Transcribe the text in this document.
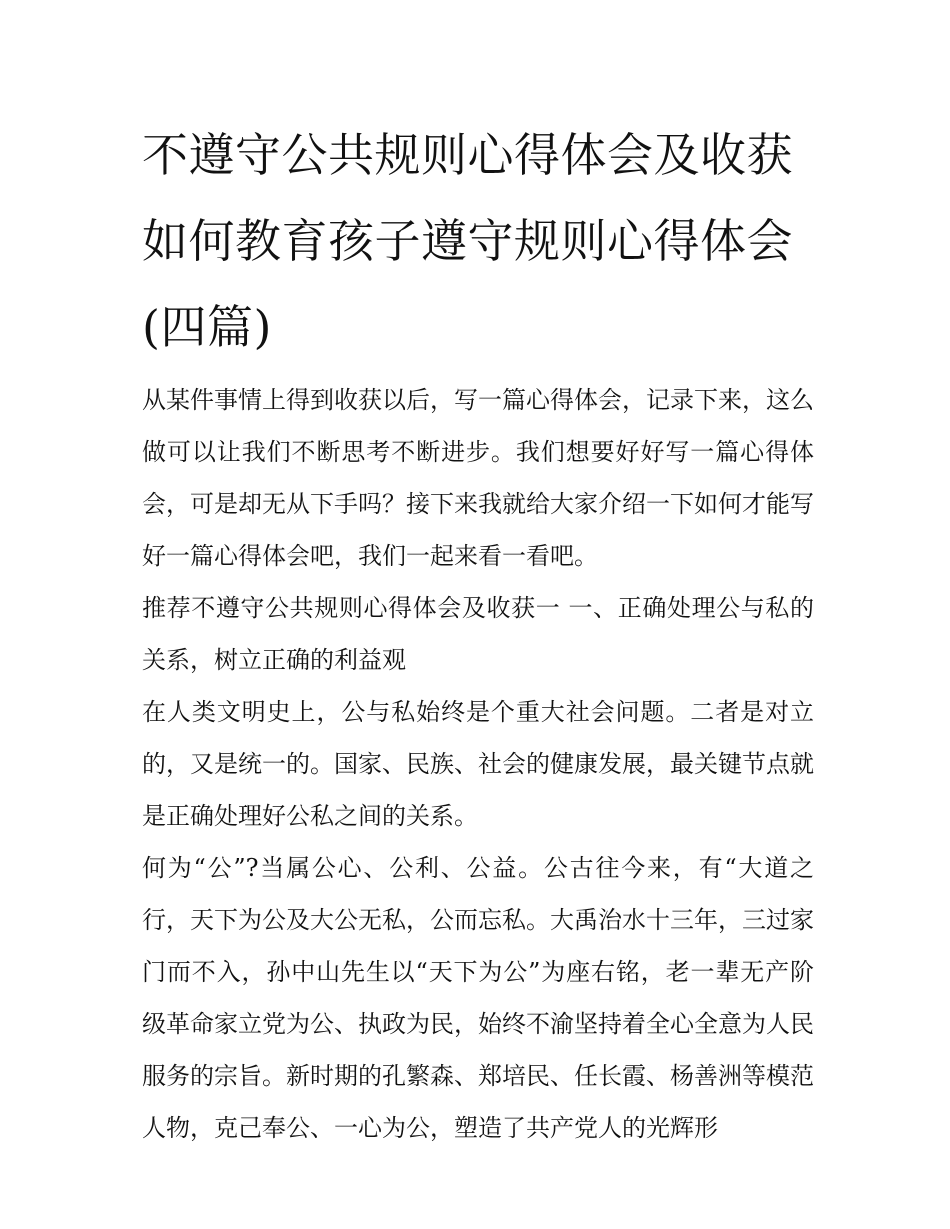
不遵守公共规则心得体会及收获 如何教育孩子遵守规则心得体会(四篇)

从某件事情上得到收获以后，写一篇心得体会，记录下来，这么做可以让我们不断思考不断进步。我们想要好好写一篇心得体会，可是却无从下手吗？接下来我就给大家介绍一下如何才能写好一篇心得体会吧，我们一起来看一看吧。

推荐不遵守公共规则心得体会及收获一 一、正确处理公与私的关系，树立正确的利益观

在人类文明史上，公与私始终是个重大社会问题。二者是对立的，又是统一的。国家、民族、社会的健康发展，最关键节点就是正确处理好公私之间的关系。

何为“公”?当属公心、公利、公益。公古往今来，有“大道之行，天下为公及大公无私，公而忘私。大禹治水十三年，三过家门而不入，孙中山先生以“天下为公”为座右铭，老一辈无产阶级革命家立党为公、执政为民，始终不渝坚持着全心全意为人民服务的宗旨。新时期的孔繁森、郑培民、任长霞、杨善洲等模范人物，克己奉公、一心为公，塑造了共产党人的光辉形
